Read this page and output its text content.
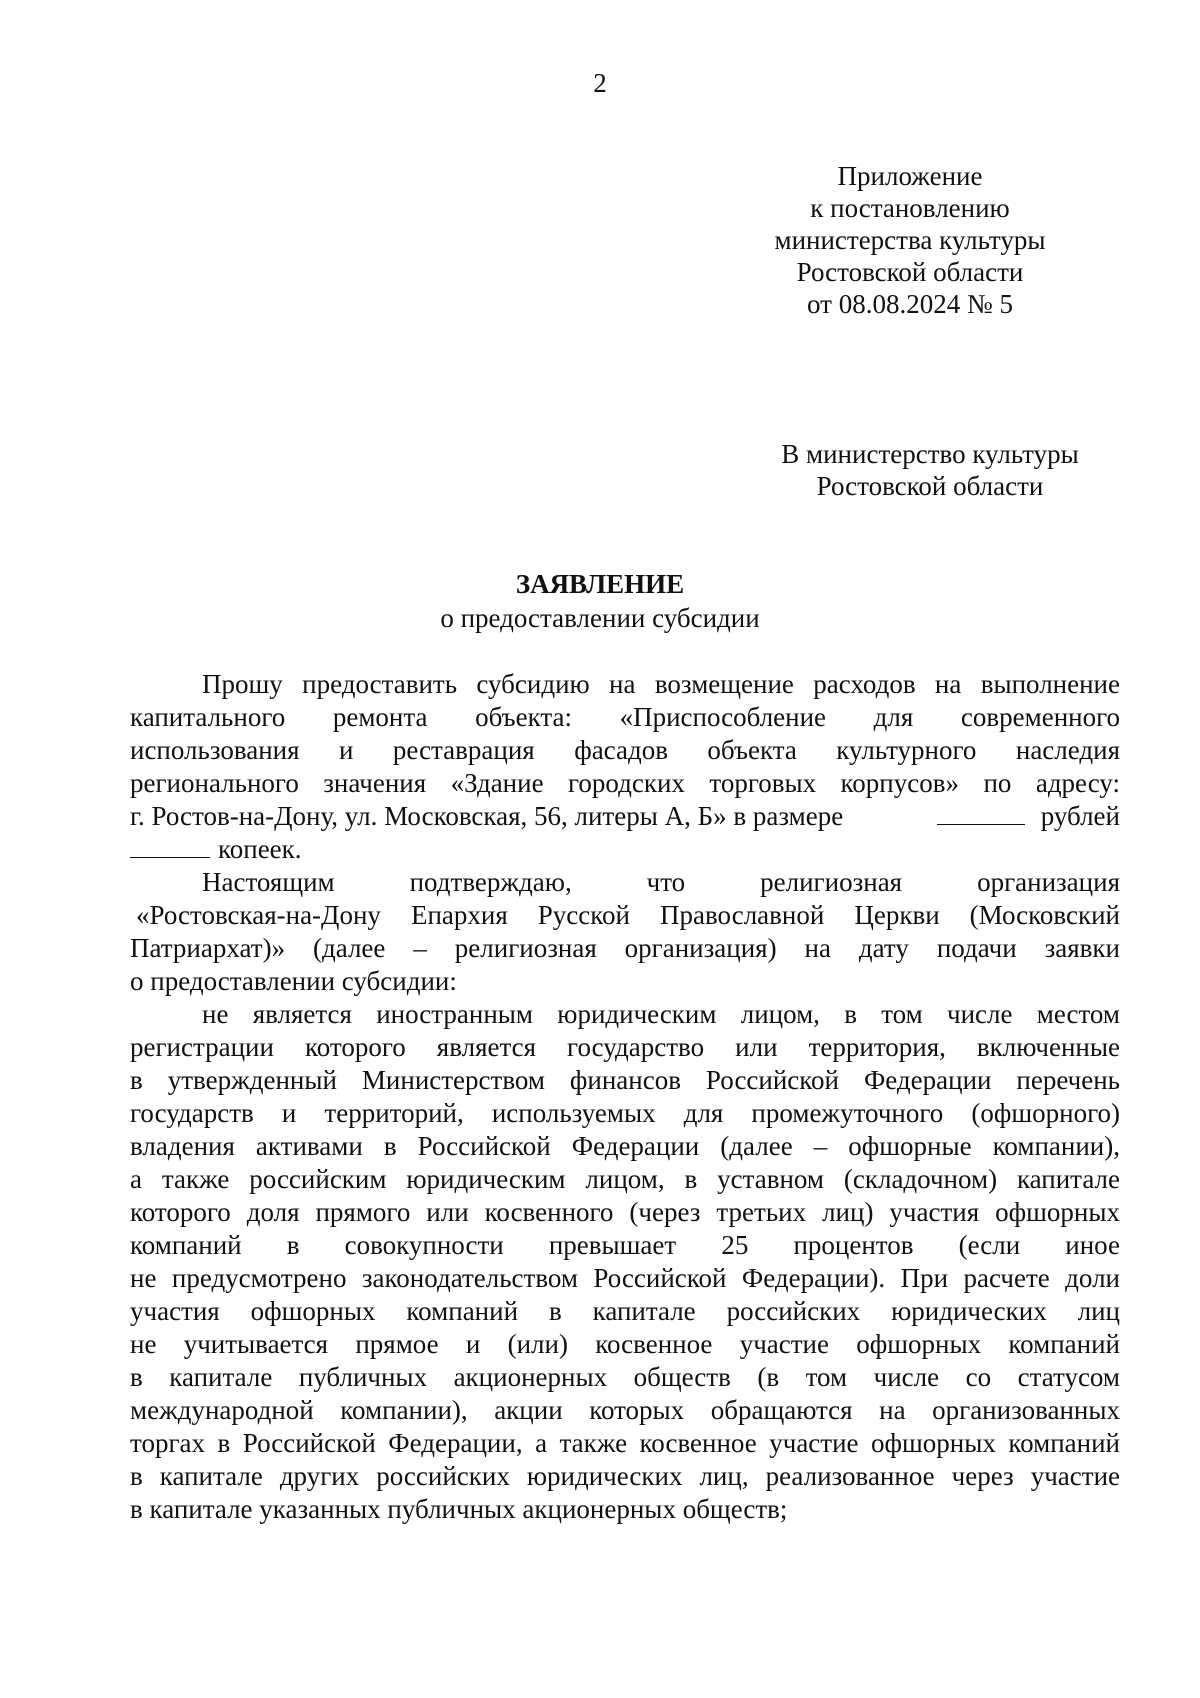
2
Приложение
к постановлению
министерства культуры
Ростовской области
от 08.08.2024 № 5
В министерство культуры
Ростовской области
ЗАЯВЛЕНИЕ
о предоставлении субсидии
Прошу предоставить субсидию на возмещение расходов на выполнение
капитального ремонта объекта: «Приспособление для современного
использования и реставрация фасадов объекта культурного наследия
регионального значения «Здание городских торговых корпусов» по адресу:
г. Ростов-на-Дону, ул. Московская, 56, литеры А, Б» в размере	рублей
копеек.
Настоящим подтверждаю, что религиозная организация
«Ростовская-на-Дону Епархия Русской Православной Церкви (Московский
Патриархат)» (далее – религиозная организация) на дату подачи заявки
о предоставлении субсидии:
не является иностранным юридическим лицом, в том числе местом
регистрации которого является государство или территория, включенные
в утвержденный Министерством финансов Российской Федерации перечень
государств и территорий, используемых для промежуточного (офшорного)
владения активами в Российской Федерации (далее – офшорные компании),
а также российским юридическим лицом, в уставном (складочном) капитале
которого доля прямого или косвенного (через третьих лиц) участия офшорных
компаний в совокупности превышает 25 процентов (если иное
не предусмотрено законодательством Российской Федерации). При расчете доли
участия офшорных компаний в капитале российских юридических лиц
не учитывается прямое и (или) косвенное участие офшорных компаний
в капитале публичных акционерных обществ (в том числе со статусом
международной компании), акции которых обращаются на организованных
торгах в Российской Федерации, а также косвенное участие офшорных компаний
в капитале других российских юридических лиц, реализованное через участие
в капитале указанных публичных акционерных обществ;
